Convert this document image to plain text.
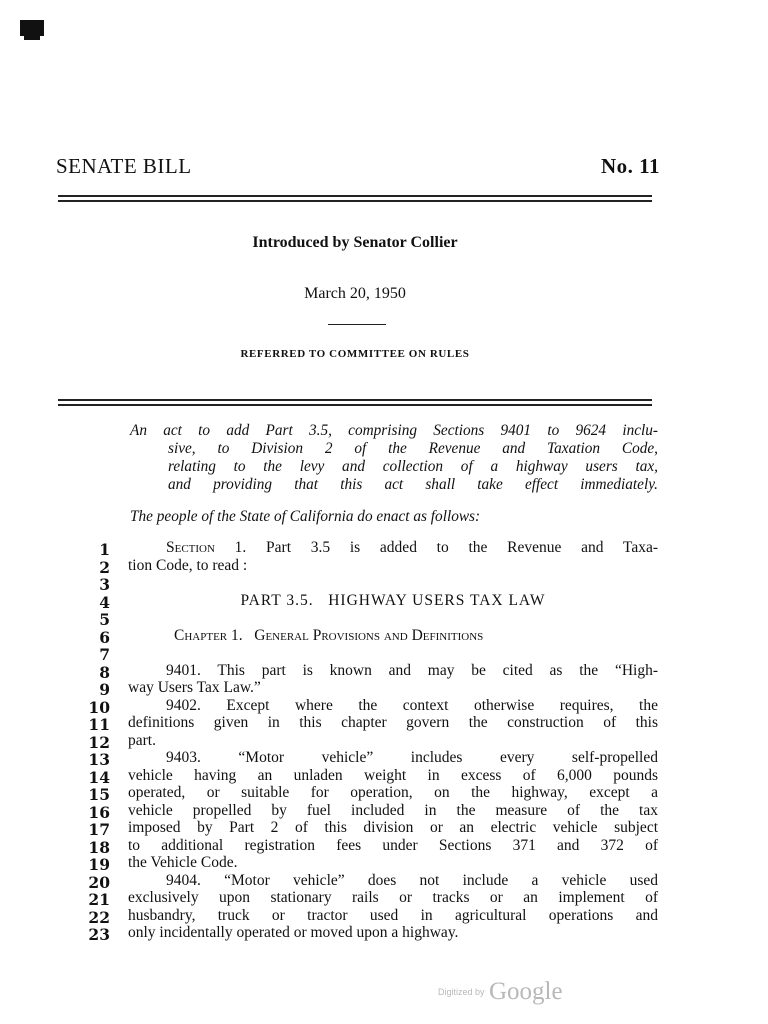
SENATE BILL	No. 11
Introduced by Senator Collier
March 20, 1950
REFERRED TO COMMITTEE ON RULES
An act to add Part 3.5, comprising Sections 9401 to 9624 inclu-
sive, to Division 2 of the Revenue and Taxation Code,
relating to the levy and collection of a highway users tax,
and providing that this act shall take effect immediately.
The people of the State of California do enact as follows:
1
2
3
4
5
6
7
8
9
10
11
12
13
14
15
16
17
18
19
20
21
22
23
Section 1. Part 3.5 is added to the Revenue and Taxa-
tion Code, to read :
PART 3.5.   HIGHWAY USERS TAX LAW
Chapter 1.   General Provisions and Definitions
9401. This part is known and may be cited as the “High-
way Users Tax Law.”
9402. Except where the context otherwise requires, the
definitions given in this chapter govern the construction of this
part.
9403. “Motor vehicle” includes every self-propelled
vehicle having an unladen weight in excess of 6,000 pounds
operated, or suitable for operation, on the highway, except a
vehicle propelled by fuel included in the measure of the tax
imposed by Part 2 of this division or an electric vehicle subject
to additional registration fees under Sections 371 and 372 of
the Vehicle Code.
9404. “Motor vehicle” does not include a vehicle used
exclusively upon stationary rails or tracks or an implement of
husbandry, truck or tractor used in agricultural operations and
only incidentally operated or moved upon a highway.
Digitized by Google
